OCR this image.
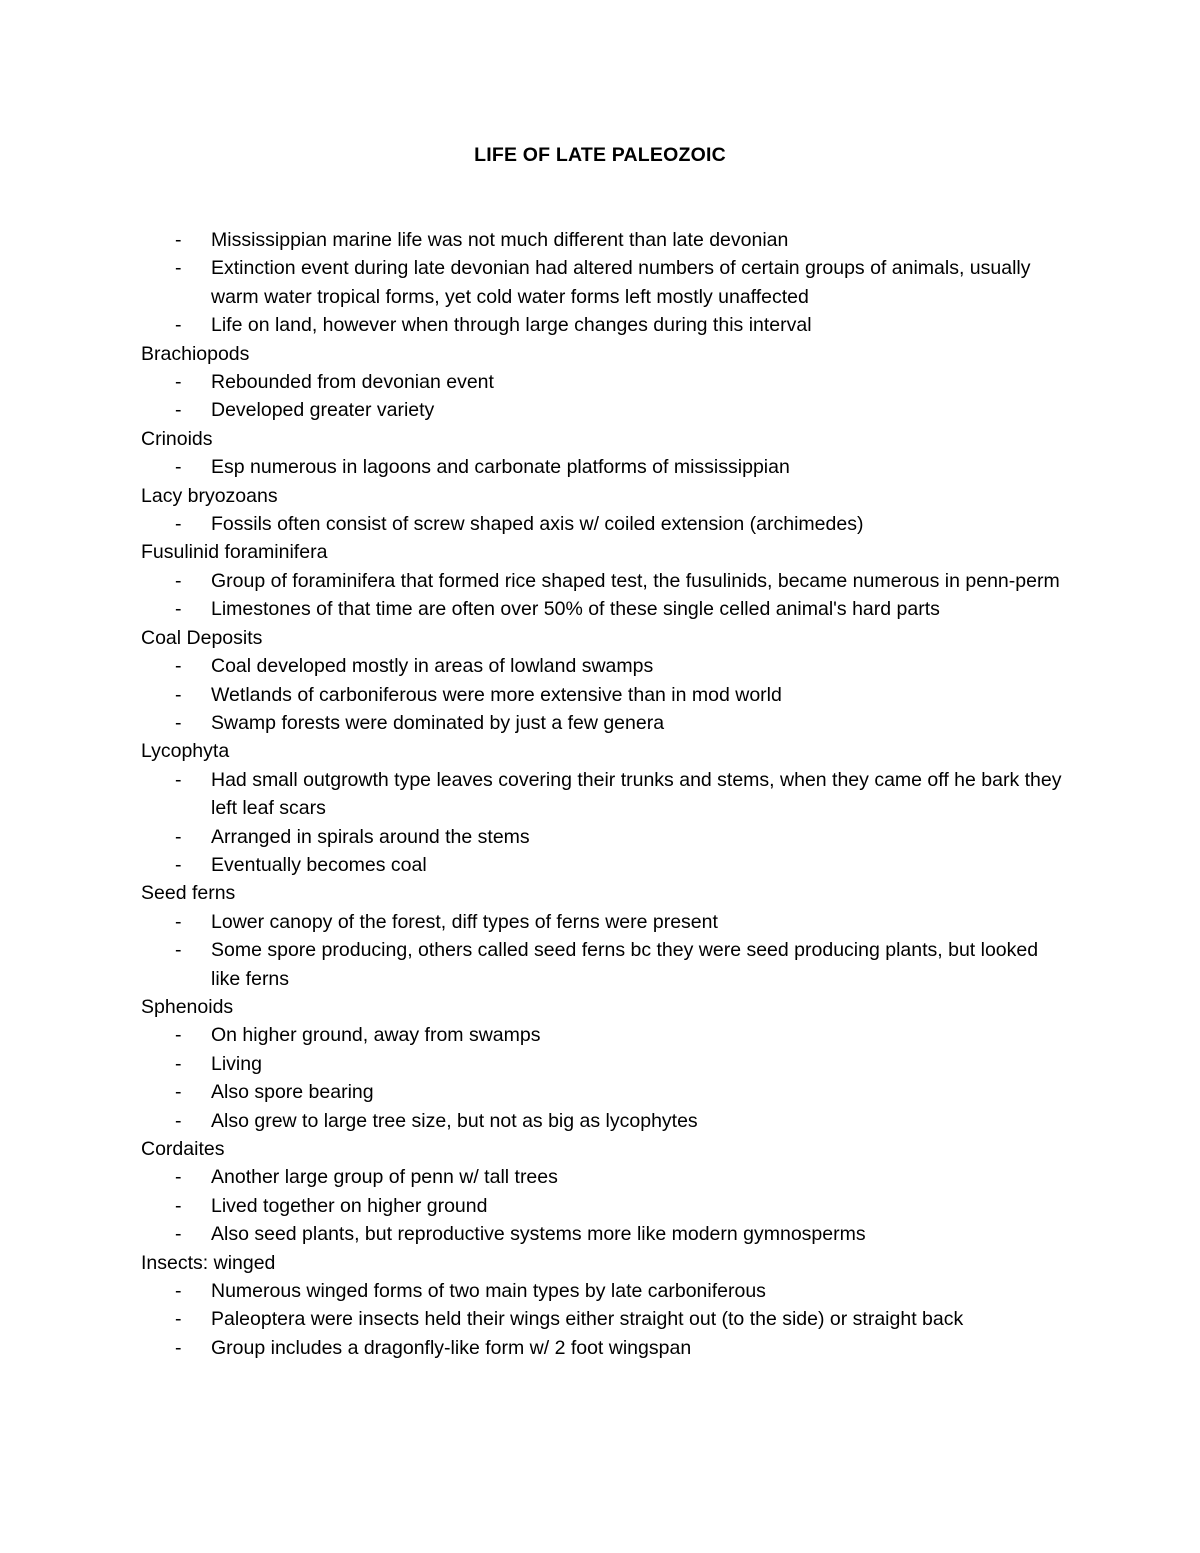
LIFE OF LATE PALEOZOIC
- Mississippian marine life was not much different than late devonian
- Extinction event during late devonian had altered numbers of certain groups of animals, usually warm water tropical forms, yet cold water forms left mostly unaffected
- Life on land, however when through large changes during this interval
Brachiopods
- Rebounded from devonian event
- Developed greater variety
Crinoids
- Esp numerous in lagoons and carbonate platforms of mississippian
Lacy bryozoans
- Fossils often consist of screw shaped axis w/ coiled extension (archimedes)
Fusulinid foraminifera
- Group of foraminifera that formed rice shaped test, the fusulinids, became numerous in penn-perm
- Limestones of that time are often over 50% of these single celled animal's hard parts
Coal Deposits
- Coal developed mostly in areas of lowland swamps
- Wetlands of carboniferous were more extensive than in mod world
- Swamp forests were dominated by just a few genera
Lycophyta
- Had small outgrowth type leaves covering their trunks and stems, when they came off he bark they left leaf scars
- Arranged in spirals around the stems
- Eventually becomes coal
Seed ferns
- Lower canopy of the forest, diff types of ferns were present
- Some spore producing, others called seed ferns bc they were seed producing plants, but looked like ferns
Sphenoids
- On higher ground, away from swamps
- Living
- Also spore bearing
- Also grew to large tree size, but not as big as lycophytes
Cordaites
- Another large group of penn w/ tall trees
- Lived together on higher ground
- Also seed plants, but reproductive systems more like modern gymnosperms
Insects: winged
- Numerous winged forms of two main types by late carboniferous
- Paleoptera were insects held their wings either straight out (to the side) or straight back
- Group includes a dragonfly-like form w/ 2 foot wingspan
